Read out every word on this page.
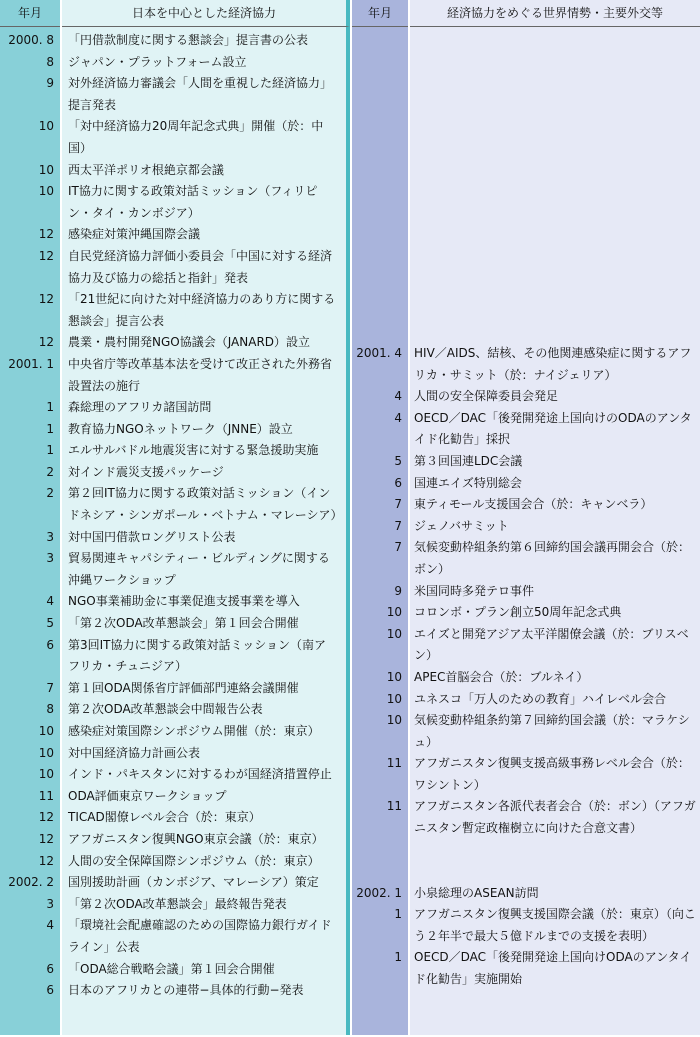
年月	日本を中心とした経済協力	年月	経済協力をめぐる世界情勢・主要外交等
2000. 8	「円借款制度に関する懇談会」提言書の公表
8	ジャパン・プラットフォーム設立
9	対外経済協力審議会「人間を重視した経済協力」提言発表
10	「対中経済協力20周年記念式典」開催（於：中国）
10	西太平洋ポリオ根絶京都会議
10	IT協力に関する政策対話ミッション（フィリピン・タイ・カンボジア）
12	感染症対策沖縄国際会議
12	自民党経済協力評価小委員会「中国に対する経済協力及び協力の総括と指針」発表
12	「21世紀に向けた対中経済協力のあり方に関する懇談会」提言公表
12	農業・農村開発NGO協議会（JANARD）設立
2001. 1	中央省庁等改革基本法を受けて改正された外務省設置法の施行
1	森総理のアフリカ諸国訪問
1	教育協力NGOネットワーク（JNNE）設立
1	エルサルバドル地震災害に対する緊急援助実施
2	対インド震災支援パッケージ
2	第２回IT協力に関する政策対話ミッション（インドネシア・シンガポール・ベトナム・マレーシア）
3	対中国円借款ロングリスト公表
3	貿易関連キャパシティー・ビルディングに関する沖縄ワークショップ
4	NGO事業補助金に事業促進支援事業を導入
5	「第２次ODA改革懇談会」第１回会合開催
6	第3回IT協力に関する政策対話ミッション（南アフリカ・チュニジア）
7	第１回ODA関係省庁評価部門連絡会議開催
8	第２次ODA改革懇談会中間報告公表
10	感染症対策国際シンポジウム開催（於：東京）
10	対中国経済協力計画公表
10	インド・パキスタンに対するわが国経済措置停止
11	ODA評価東京ワークショップ
12	TICAD閣僚レベル会合（於：東京）
12	アフガニスタン復興NGO東京会議（於：東京）
12	人間の安全保障国際シンポジウム（於：東京）
2002. 2	国別援助計画（カンボジア、マレーシア）策定
3	「第２次ODA改革懇談会」最終報告発表
4	「環境社会配慮確認のための国際協力銀行ガイドライン」公表
6	「ODA総合戦略会議」第１回会合開催
6	日本のアフリカとの連帯−具体的行動−発表
2001. 4	HIV／AIDS、結核、その他関連感染症に関するアフリカ・サミット（於：ナイジェリア）
4	人間の安全保障委員会発足
4	OECD／DAC「後発開発途上国向けのODAのアンタイド化勧告」採択
5	第３回国連LDC会議
6	国連エイズ特別総会
7	東ティモール支援国会合（於：キャンベラ）
7	ジェノバサミット
7	気候変動枠組条約第６回締約国会議再開会合（於：ボン）
9	米国同時多発テロ事件
10	コロンボ・プラン創立50周年記念式典
10	エイズと開発アジア太平洋閣僚会議（於：ブリスベン）
10	APEC首脳会合（於：ブルネイ）
10	ユネスコ「万人のための教育」ハイレベル会合
10	気候変動枠組条約第７回締約国会議（於：マラケシュ）
11	アフガニスタン復興支援高級事務レベル会合（於：ワシントン）
11	アフガニスタン各派代表者会合（於：ボン）（アフガニスタン暫定政権樹立に向けた合意文書）
2002. 1	小泉総理のASEAN訪問
1	アフガニスタン復興支援国際会議（於：東京）（向こう２年半で最大５億ドルまでの支援を表明）
1	OECD／DAC「後発開発途上国向けODAのアンタイド化勧告」実施開始
